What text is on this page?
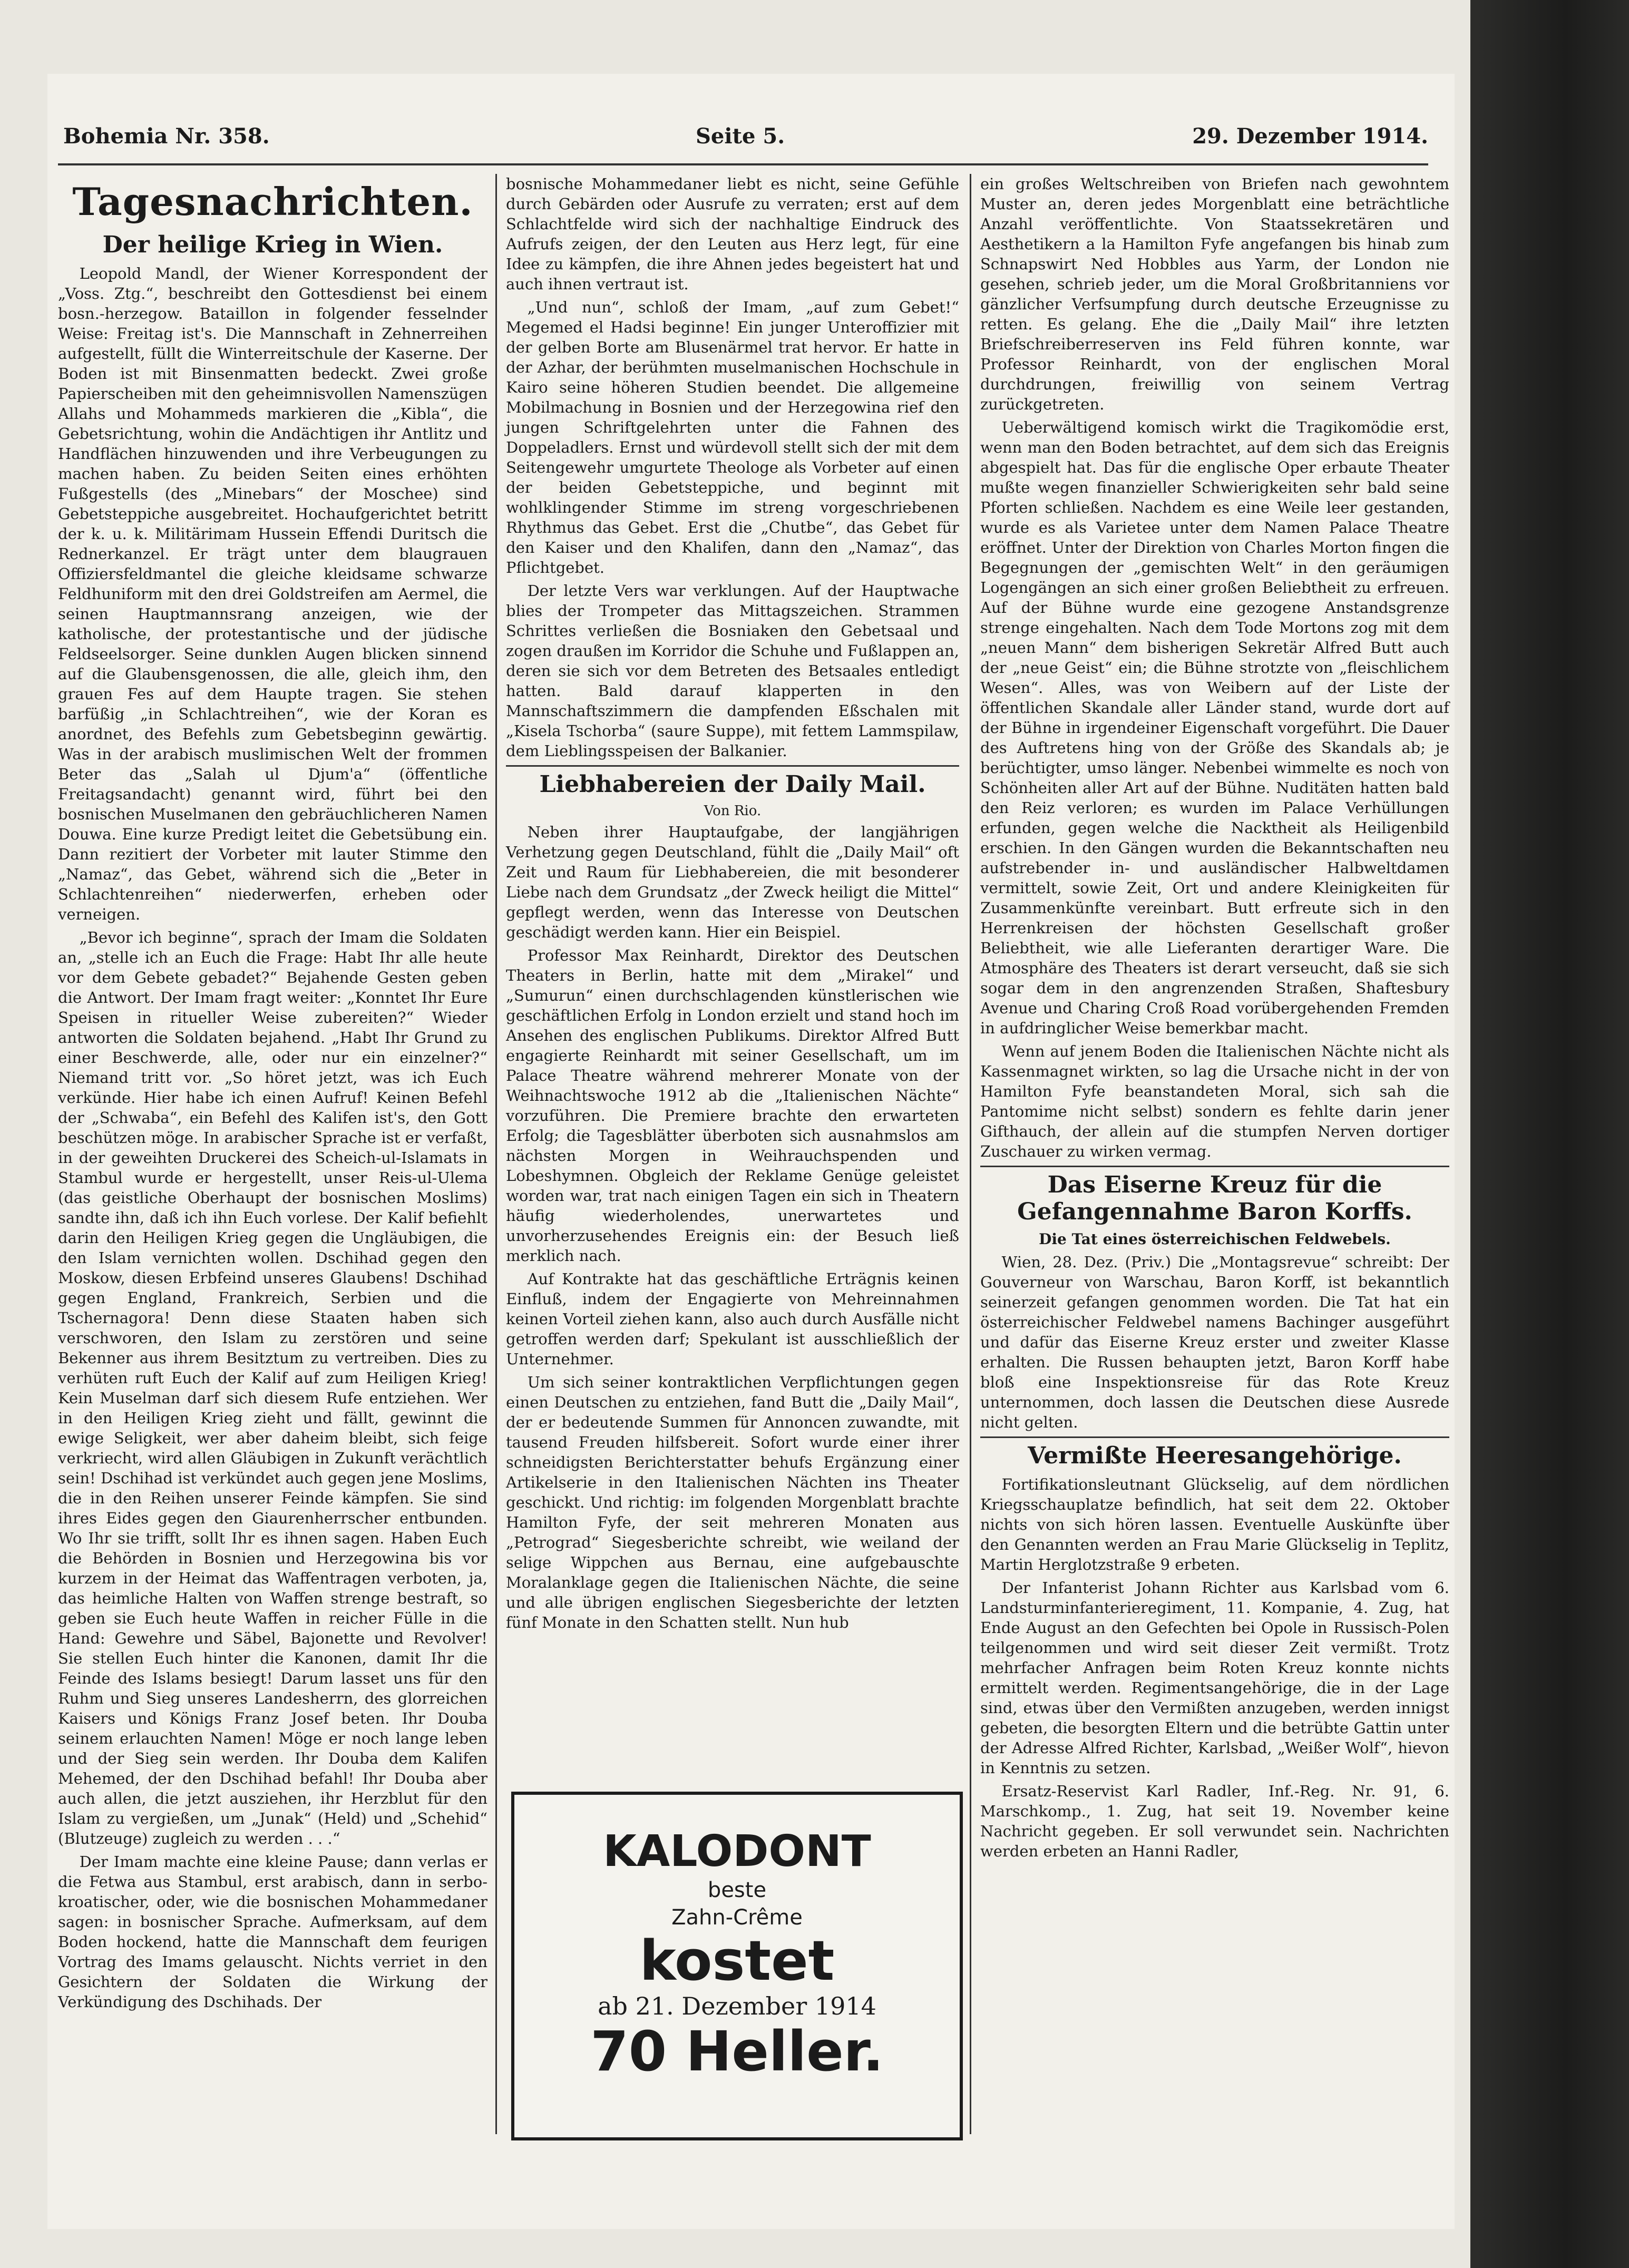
Bohemia Nr. 358.	Seite 5.	29. Dezember 1914.
Tagesnachrichten.
Der heilige Krieg in Wien.

Leopold Mandl, der Wiener Korrespondent der „Voss. Ztg.“, beschreibt den Gottesdienst bei einem bosn.-herzegow. Bataillon in folgender fesselnder Weise: Freitag ist's. Die Mannschaft in Zehnerreihen aufgestellt, füllt die Winterreitschule der Kaserne. Der Boden ist mit Binsenmatten bedeckt. Zwei große Papierscheiben mit den geheimnisvollen Namenszügen Allahs und Mohammeds markieren die „Kibla“, die Gebetsrichtung, wohin die Andächtigen ihr Antlitz und Handflächen hinzuwenden und ihre Verbeugungen zu machen haben. Zu beiden Seiten eines erhöhten Fußgestells (des „Minebars“ der Moschee) sind Gebetsteppiche ausgebreitet. Hochaufgerichtet betritt der k. u. k. Militärimam Hussein Effendi Duritsch die Rednerkanzel. Er trägt unter dem blaugrauen Offiziersfeldmantel die gleiche kleidsame schwarze Feldhuniform mit den drei Goldstreifen am Aermel, die seinen Hauptmannsrang anzeigen, wie der katholische, der protestantische und der jüdische Feldseelsorger. Seine dunklen Augen blicken sinnend auf die Glaubensgenossen, die alle, gleich ihm, den grauen Fes auf dem Haupte tragen. Sie stehen barfüßig „in Schlachtreihen“, wie der Koran es anordnet, des Befehls zum Gebetsbeginn gewärtig. Was in der arabisch muslimischen Welt der frommen Beter das „Salah ul Djum'a“ (öffentliche Freitagsandacht) genannt wird, führt bei den bosnischen Muselmanen den gebräuchlicheren Namen Douwa. Eine kurze Predigt leitet die Gebetsübung ein. Dann rezitiert der Vorbeter mit lauter Stimme den „Namaz“, das Gebet, während sich die „Beter in Schlachtenreihen“ niederwerfen, erheben oder verneigen.

„Bevor ich beginne“, sprach der Imam die Soldaten an, „stelle ich an Euch die Frage: Habt Ihr alle heute vor dem Gebete gebadet?“ Bejahende Gesten geben die Antwort. Der Imam fragt weiter: „Konntet Ihr Eure Speisen in ritueller Weise zubereiten?“ Wieder antworten die Soldaten bejahend. „Habt Ihr Grund zu einer Beschwerde, alle, oder nur ein einzelner?“ Niemand tritt vor. „So höret jetzt, was ich Euch verkünde. Hier habe ich einen Aufruf! Keinen Befehl der „Schwaba“, ein Befehl des Kalifen ist's, den Gott beschützen möge. In arabischer Sprache ist er verfaßt, in der geweihten Druckerei des Scheich-ul-Islamats in Stambul wurde er hergestellt, unser Reis-ul-Ulema (das geistliche Oberhaupt der bosnischen Moslims) sandte ihn, daß ich ihn Euch vorlese. Der Kalif befiehlt darin den Heiligen Krieg gegen die Ungläubigen, die den Islam vernichten wollen. Dschihad gegen den Moskow, diesen Erbfeind unseres Glaubens! Dschihad gegen England, Frankreich, Serbien und die Tschernagora! Denn diese Staaten haben sich verschworen, den Islam zu zerstören und seine Bekenner aus ihrem Besitztum zu vertreiben. Dies zu verhüten ruft Euch der Kalif auf zum Heiligen Krieg! Kein Muselman darf sich diesem Rufe entziehen. Wer in den Heiligen Krieg zieht und fällt, gewinnt die ewige Seligkeit, wer aber daheim bleibt, sich feige verkriecht, wird allen Gläubigen in Zukunft verächtlich sein! Dschihad ist verkündet auch gegen jene Moslims, die in den Reihen unserer Feinde kämpfen. Sie sind ihres Eides gegen den Giaurenherrscher entbunden. Wo Ihr sie trifft, sollt Ihr es ihnen sagen. Haben Euch die Behörden in Bosnien und Herzegowina bis vor kurzem in der Heimat das Waffentragen verboten, ja, das heimliche Halten von Waffen strenge bestraft, so geben sie Euch heute Waffen in reicher Fülle in die Hand: Gewehre und Säbel, Bajonette und Revolver! Sie stellen Euch hinter die Kanonen, damit Ihr die Feinde des Islams besiegt! Darum lasset uns für den Ruhm und Sieg unseres Landesherrn, des glorreichen Kaisers und Königs Franz Josef beten. Ihr Douba seinem erlauchten Namen! Möge er noch lange leben und der Sieg sein werden. Ihr Douba dem Kalifen Mehemed, der den Dschihad befahl! Ihr Douba aber auch allen, die jetzt ausziehen, ihr Herzblut für den Islam zu vergießen, um „Junak“ (Held) und „Schehid“ (Blutzeuge) zugleich zu werden . . .“

Der Imam machte eine kleine Pause; dann verlas er die Fetwa aus Stambul, erst arabisch, dann in serbo-kroatischer, oder, wie die bosnischen Mohammedaner sagen: in bosnischer Sprache. Aufmerksam, auf dem Boden hockend, hatte die Mannschaft dem feurigen Vortrag des Imams gelauscht. Nichts verriet in den Gesichtern der Soldaten die Wirkung der Verkündigung des Dschihads. Der

bosnische Mohammedaner liebt es nicht, seine Gefühle durch Gebärden oder Ausrufe zu verraten; erst auf dem Schlachtfelde wird sich der nachhaltige Eindruck des Aufrufs zeigen, der den Leuten aus Herz legt, für eine Idee zu kämpfen, die ihre Ahnen jedes begeistert hat und auch ihnen vertraut ist.

„Und nun“, schloß der Imam, „auf zum Gebet!“ Megemed el Hadsi beginne! Ein junger Unteroffizier mit der gelben Borte am Blusenärmel trat hervor. Er hatte in der Azhar, der berühmten muselmanischen Hochschule in Kairo seine höheren Studien beendet. Die allgemeine Mobilmachung in Bosnien und der Herzegowina rief den jungen Schriftgelehrten unter die Fahnen des Doppeladlers. Ernst und würdevoll stellt sich der mit dem Seitengewehr umgurtete Theologe als Vorbeter auf einen der beiden Gebetsteppiche, und beginnt mit wohlklingender Stimme im streng vorgeschriebenen Rhythmus das Gebet. Erst die „Chutbe“, das Gebet für den Kaiser und den Khalifen, dann den „Namaz“, das Pflichtgebet.

Der letzte Vers war verklungen. Auf der Hauptwache blies der Trompeter das Mittagszeichen. Strammen Schrittes verließen die Bosniaken den Gebetsaal und zogen draußen im Korridor die Schuhe und Fußlappen an, deren sie sich vor dem Betreten des Betsaales entledigt hatten. Bald darauf klapperten in den Mannschaftszimmern die dampfenden Eßschalen mit „Kisela Tschorba“ (saure Suppe), mit fettem Lammspilaw, dem Lieblingsspeisen der Balkanier.

Liebhabereien der Daily Mail.
Von Rio.

Neben ihrer Hauptaufgabe, der langjährigen Verhetzung gegen Deutschland, fühlt die „Daily Mail“ oft Zeit und Raum für Liebhabereien, die mit besonderer Liebe nach dem Grundsatz „der Zweck heiligt die Mittel“ gepflegt werden, wenn das Interesse von Deutschen geschädigt werden kann. Hier ein Beispiel.

Professor Max Reinhardt, Direktor des Deutschen Theaters in Berlin, hatte mit dem „Mirakel“ und „Sumurun“ einen durchschlagenden künstlerischen wie geschäftlichen Erfolg in London erzielt und stand hoch im Ansehen des englischen Publikums. Direktor Alfred Butt engagierte Reinhardt mit seiner Gesellschaft, um im Palace Theatre während mehrerer Monate von der Weihnachtswoche 1912 ab die „Italienischen Nächte“ vorzuführen. Die Premiere brachte den erwarteten Erfolg; die Tagesblätter überboten sich ausnahmslos am nächsten Morgen in Weihrauchspenden und Lobeshymnen. Obgleich der Reklame Genüge geleistet worden war, trat nach einigen Tagen ein sich in Theatern häufig wiederholendes, unerwartetes und unvorherzusehendes Ereignis ein: der Besuch ließ merklich nach.

Auf Kontrakte hat das geschäftliche Erträgnis keinen Einfluß, indem der Engagierte von Mehreinnahmen keinen Vorteil ziehen kann, also auch durch Ausfälle nicht getroffen werden darf; Spekulant ist ausschließlich der Unternehmer.

Um sich seiner kontraktlichen Verpflichtungen gegen einen Deutschen zu entziehen, fand Butt die „Daily Mail“, der er bedeutende Summen für Annoncen zuwandte, mit tausend Freuden hilfsbereit. Sofort wurde einer ihrer schneidigsten Berichterstatter behufs Ergänzung einer Artikelserie in den Italienischen Nächten ins Theater geschickt. Und richtig: im folgenden Morgenblatt brachte Hamilton Fyfe, der seit mehreren Monaten aus „Petrograd“ Siegesberichte schreibt, wie weiland der selige Wippchen aus Bernau, eine aufgebauschte Moralanklage gegen die Italienischen Nächte, die seine und alle übrigen englischen Siegesberichte der letzten fünf Monate in den Schatten stellt. Nun hub

KALODONT
beste
Zahn-Crême
kostet
ab 21. Dezember 1914
70 Heller.

ein großes Weltschreiben von Briefen nach gewohntem Muster an, deren jedes Morgenblatt eine beträchtliche Anzahl veröffentlichte. Von Staatssekretären und Aesthetikern a la Hamilton Fyfe angefangen bis hinab zum Schnapswirt Ned Hobbles aus Yarm, der London nie gesehen, schrieb jeder, um die Moral Großbritanniens vor gänzlicher Verfsumpfung durch deutsche Erzeugnisse zu retten. Es gelang. Ehe die „Daily Mail“ ihre letzten Briefschreiberreserven ins Feld führen konnte, war Professor Reinhardt, von der englischen Moral durchdrungen, freiwillig von seinem Vertrag zurückgetreten.

Ueberwältigend komisch wirkt die Tragikomödie erst, wenn man den Boden betrachtet, auf dem sich das Ereignis abgespielt hat. Das für die englische Oper erbaute Theater mußte wegen finanzieller Schwierigkeiten sehr bald seine Pforten schließen. Nachdem es eine Weile leer gestanden, wurde es als Varietee unter dem Namen Palace Theatre eröffnet. Unter der Direktion von Charles Morton fingen die Begegnungen der „gemischten Welt“ in den geräumigen Logengängen an sich einer großen Beliebtheit zu erfreuen. Auf der Bühne wurde eine gezogene Anstandsgrenze strenge eingehalten. Nach dem Tode Mortons zog mit dem „neuen Mann“ dem bisherigen Sekretär Alfred Butt auch der „neue Geist“ ein; die Bühne strotzte von „fleischlichem Wesen“. Alles, was von Weibern auf der Liste der öffentlichen Skandale aller Länder stand, wurde dort auf der Bühne in irgendeiner Eigenschaft vorgeführt. Die Dauer des Auftretens hing von der Größe des Skandals ab; je berüchtigter, umso länger. Nebenbei wimmelte es noch von Schönheiten aller Art auf der Bühne. Nuditäten hatten bald den Reiz verloren; es wurden im Palace Verhüllungen erfunden, gegen welche die Nacktheit als Heiligenbild erschien. In den Gängen wurden die Bekanntschaften neu aufstrebender in- und ausländischer Halbweltdamen vermittelt, sowie Zeit, Ort und andere Kleinigkeiten für Zusammenkünfte vereinbart. Butt erfreute sich in den Herrenkreisen der höchsten Gesellschaft großer Beliebtheit, wie alle Lieferanten derartiger Ware. Die Atmosphäre des Theaters ist derart verseucht, daß sie sich sogar dem in den angrenzenden Straßen, Shaftesbury Avenue und Charing Croß Road vorübergehenden Fremden in aufdringlicher Weise bemerkbar macht.

Wenn auf jenem Boden die Italienischen Nächte nicht als Kassenmagnet wirkten, so lag die Ursache nicht in der von Hamilton Fyfe beanstandeten Moral, sich sah die Pantomime nicht selbst) sondern es fehlte darin jener Gifthauch, der allein auf die stumpfen Nerven dortiger Zuschauer zu wirken vermag.

Das Eiserne Kreuz für die Gefangennahme Baron Korffs.
Die Tat eines österreichischen Feldwebels.

Wien, 28. Dez. (Priv.) Die „Montagsrevue“ schreibt: Der Gouverneur von Warschau, Baron Korff, ist bekanntlich seinerzeit gefangen genommen worden. Die Tat hat ein österreichischer Feldwebel namens Bachinger ausgeführt und dafür das Eiserne Kreuz erster und zweiter Klasse erhalten. Die Russen behaupten jetzt, Baron Korff habe bloß eine Inspektionsreise für das Rote Kreuz unternommen, doch lassen die Deutschen diese Ausrede nicht gelten.

Vermißte Heeresangehörige.

Fortifikationsleutnant Glückselig, auf dem nördlichen Kriegsschauplatze befindlich, hat seit dem 22. Oktober nichts von sich hören lassen. Eventuelle Auskünfte über den Genannten werden an Frau Marie Glückselig in Teplitz, Martin Herglotzstraße 9 erbeten.

Der Infanterist Johann Richter aus Karlsbad vom 6. Landsturminfanterieregiment, 11. Kompanie, 4. Zug, hat Ende August an den Gefechten bei Opole in Russisch-Polen teilgenommen und wird seit dieser Zeit vermißt. Trotz mehrfacher Anfragen beim Roten Kreuz konnte nichts ermittelt werden. Regimentsangehörige, die in der Lage sind, etwas über den Vermißten anzugeben, werden innigst gebeten, die besorgten Eltern und die betrübte Gattin unter der Adresse Alfred Richter, Karlsbad, „Weißer Wolf“, hievon in Kenntnis zu setzen.

Ersatz-Reservist Karl Radler, Inf.-Reg. Nr. 91, 6. Marschkomp., 1. Zug, hat seit 19. November keine Nachricht gegeben. Er soll verwundet sein. Nachrichten werden erbeten an Hanni Radler,
